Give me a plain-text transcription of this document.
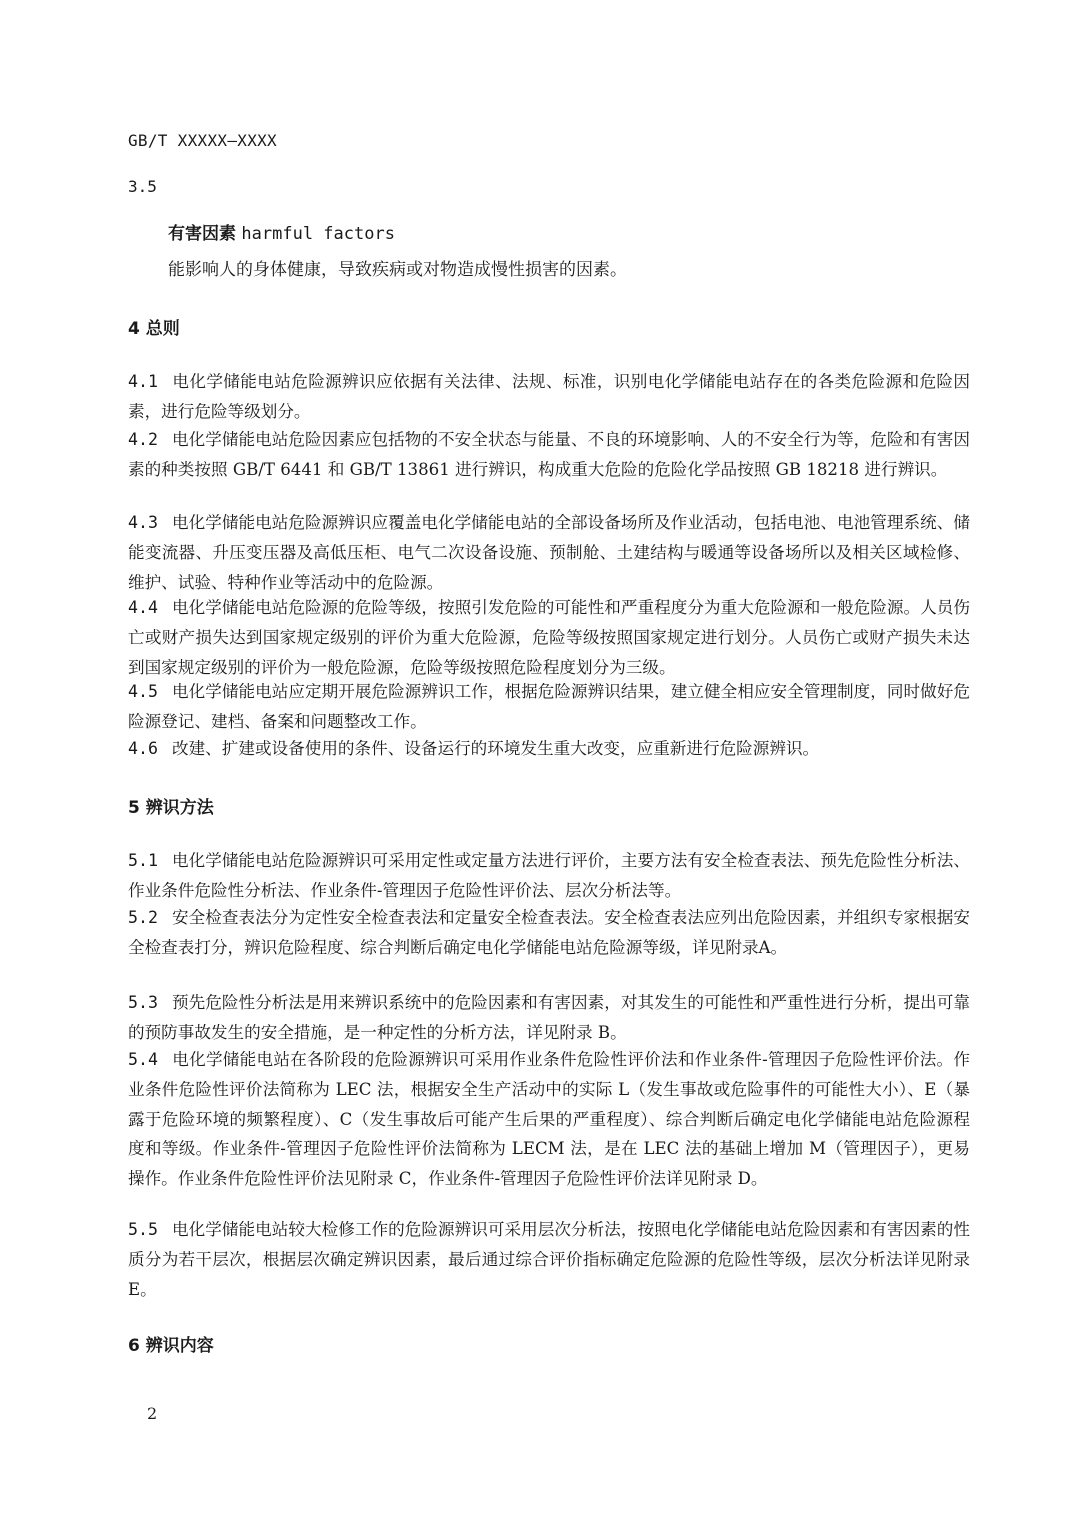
GB/T XXXXX—XXXX
3.5
有害因素 harmful factors
能影响人的身体健康，导致疾病或对物造成慢性损害的因素。
4 总则
4.1 电化学储能电站危险源辨识应依据有关法律、法规、标准，识别电化学储能电站存在的各类危险源和危险因素，进行危险等级划分。
4.2 电化学储能电站危险因素应包括物的不安全状态与能量、不良的环境影响、人的不安全行为等，危险和有害因素的种类按照 GB/T 6441 和 GB/T 13861 进行辨识，构成重大危险的危险化学品按照 GB 18218 进行辨识。
4.3 电化学储能电站危险源辨识应覆盖电化学储能电站的全部设备场所及作业活动，包括电池、电池管理系统、储能变流器、升压变压器及高低压柜、电气二次设备设施、预制舱、土建结构与暖通等设备场所以及相关区域检修、维护、试验、特种作业等活动中的危险源。
4.4 电化学储能电站危险源的危险等级，按照引发危险的可能性和严重程度分为重大危险源和一般危险源。人员伤亡或财产损失达到国家规定级别的评价为重大危险源，危险等级按照国家规定进行划分。人员伤亡或财产损失未达到国家规定级别的评价为一般危险源，危险等级按照危险程度划分为三级。
4.5 电化学储能电站应定期开展危险源辨识工作，根据危险源辨识结果，建立健全相应安全管理制度，同时做好危险源登记、建档、备案和问题整改工作。
4.6 改建、扩建或设备使用的条件、设备运行的环境发生重大改变，应重新进行危险源辨识。
5 辨识方法
5.1 电化学储能电站危险源辨识可采用定性或定量方法进行评价，主要方法有安全检查表法、预先危险性分析法、作业条件危险性分析法、作业条件-管理因子危险性评价法、层次分析法等。
5.2 安全检查表法分为定性安全检查表法和定量安全检查表法。安全检查表法应列出危险因素，并组织专家根据安全检查表打分，辨识危险程度、综合判断后确定电化学储能电站危险源等级，详见附录A。
5.3 预先危险性分析法是用来辨识系统中的危险因素和有害因素，对其发生的可能性和严重性进行分析，提出可靠的预防事故发生的安全措施，是一种定性的分析方法，详见附录 B。
5.4 电化学储能电站在各阶段的危险源辨识可采用作业条件危险性评价法和作业条件-管理因子危险性评价法。作业条件危险性评价法简称为 LEC 法，根据安全生产活动中的实际 L（发生事故或危险事件的可能性大小）、E（暴露于危险环境的频繁程度）、C（发生事故后可能产生后果的严重程度）、综合判断后确定电化学储能电站危险源程度和等级。作业条件-管理因子危险性评价法简称为 LECM 法，是在 LEC 法的基础上增加 M（管理因子），更易操作。作业条件危险性评价法见附录 C，作业条件-管理因子危险性评价法详见附录 D。
5.5 电化学储能电站较大检修工作的危险源辨识可采用层次分析法，按照电化学储能电站危险因素和有害因素的性质分为若干层次，根据层次确定辨识因素，最后通过综合评价指标确定危险源的危险性等级，层次分析法详见附录 E。
6 辨识内容
2
